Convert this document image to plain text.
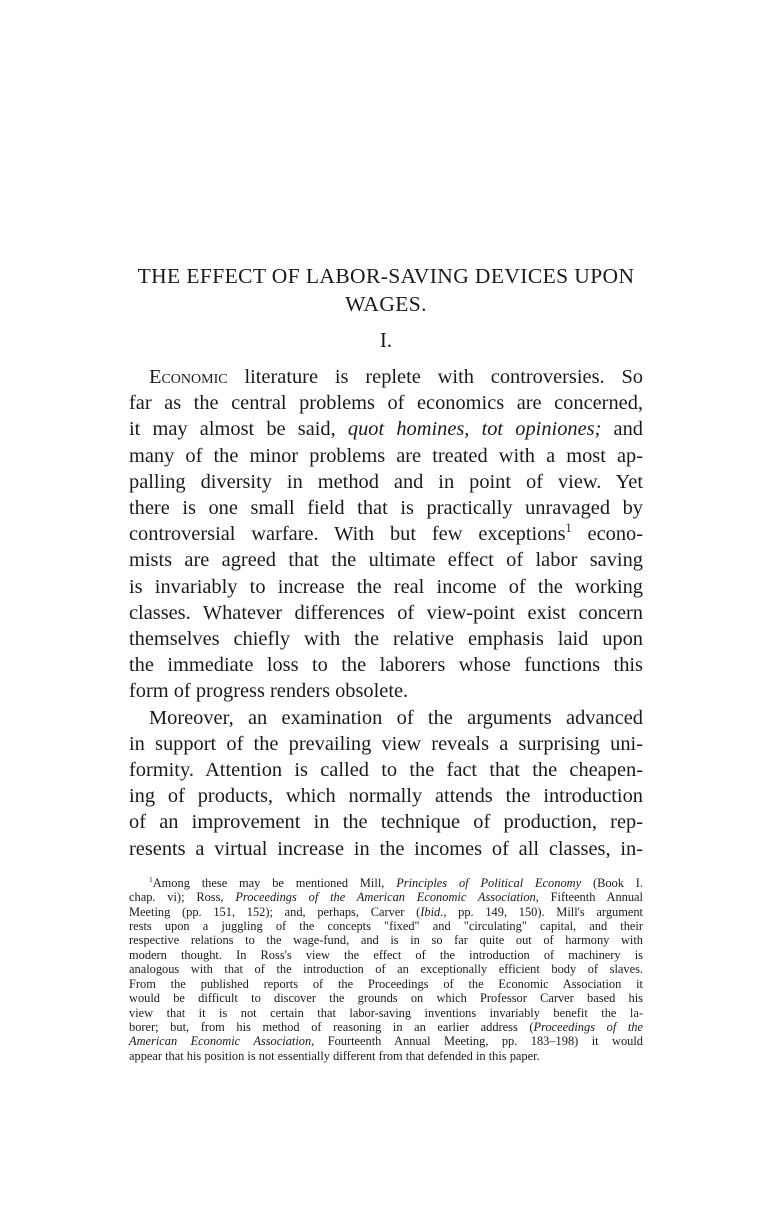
THE EFFECT OF LABOR-SAVING DEVICES UPON
WAGES.
I.
Economic literature is replete with controversies. So
far as the central problems of economics are concerned,
it may almost be said, quot homines, tot opiniones; and
many of the minor problems are treated with a most ap-
palling diversity in method and in point of view. Yet
there is one small field that is practically unravaged by
controversial warfare. With but few exceptions$^1$ econo-
mists are agreed that the ultimate effect of labor saving
is invariably to increase the real income of the working
classes. Whatever differences of view-point exist concern
themselves chiefly with the relative emphasis laid upon
the immediate loss to the laborers whose functions this
form of progress renders obsolete.
Moreover, an examination of the arguments advanced
in support of the prevailing view reveals a surprising uni-
formity. Attention is called to the fact that the cheapen-
ing of products, which normally attends the introduction
of an improvement in the technique of production, rep-
resents a virtual increase in the incomes of all classes, in-
$^1$Among these may be mentioned Mill, Principles of Political Economy (Book I.
chap. vi); Ross, Proceedings of the American Economic Association, Fifteenth Annual
Meeting (pp. 151, 152); and, perhaps, Carver (Ibid., pp. 149, 150). Mill's argument
rests upon a juggling of the concepts "fixed" and "circulating" capital, and their
respective relations to the wage-fund, and is in so far quite out of harmony with
modern thought. In Ross's view the effect of the introduction of machinery is
analogous with that of the introduction of an exceptionally efficient body of slaves.
From the published reports of the Proceedings of the Economic Association it
would be difficult to discover the grounds on which Professor Carver based his
view that it is not certain that labor-saving inventions invariably benefit the la-
borer; but, from his method of reasoning in an earlier address (Proceedings of the
American Economic Association, Fourteenth Annual Meeting, pp. 183–198) it would
appear that his position is not essentially different from that defended in this paper.
